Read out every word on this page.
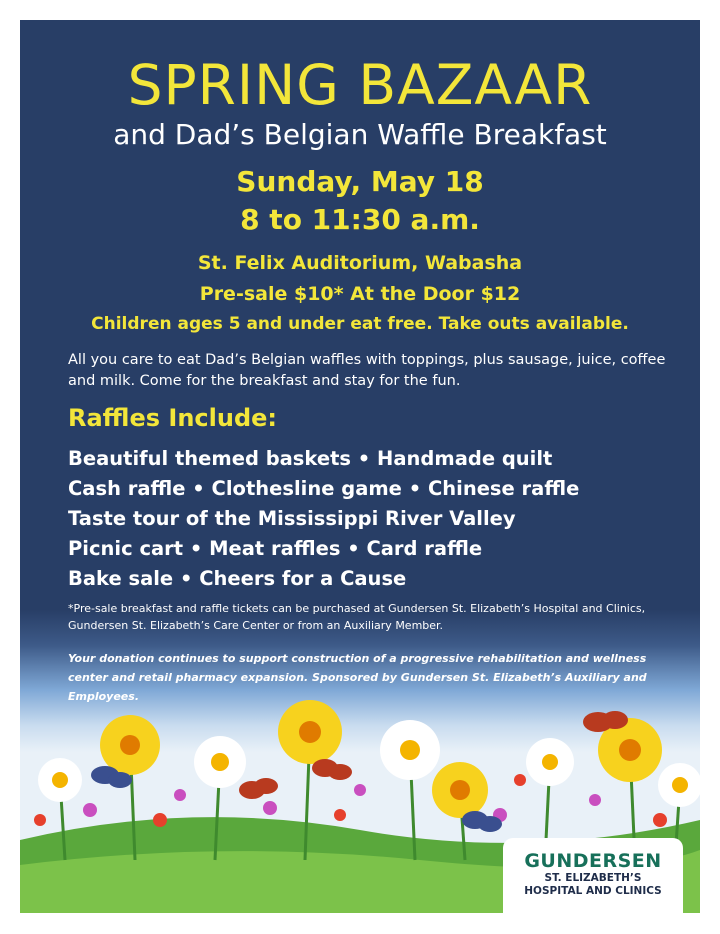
SPRING BAZAAR
and Dad’s Belgian Waffle Breakfast
Sunday, May 18
8 to 11:30 a.m.
St. Felix Auditorium, Wabasha
Pre-sale $10* At the Door $12
Children ages 5 and under eat free. Take outs available.
All you care to eat Dad’s Belgian waffles with toppings, plus sausage, juice, coffee and milk. Come for the breakfast and stay for the fun.
Raffles Include:
Beautiful themed baskets • Handmade quilt
Cash raffle • Clothesline game • Chinese raffle
Taste tour of the Mississippi River Valley
Picnic cart • Meat raffles • Card raffle
Bake sale • Cheers for a Cause
*Pre-sale breakfast and raffle tickets can be purchased at Gundersen St. Elizabeth’s Hospital and Clinics, Gundersen St. Elizabeth’s Care Center or from an Auxiliary Member.
Your donation continues to support construction of a progressive rehabilitation and wellness center and retail pharmacy expansion. Sponsored by Gundersen St. Elizabeth’s Auxiliary and Employees.
GUNDERSEN
ST. ELIZABETH’S
HOSPITAL AND CLINICS
